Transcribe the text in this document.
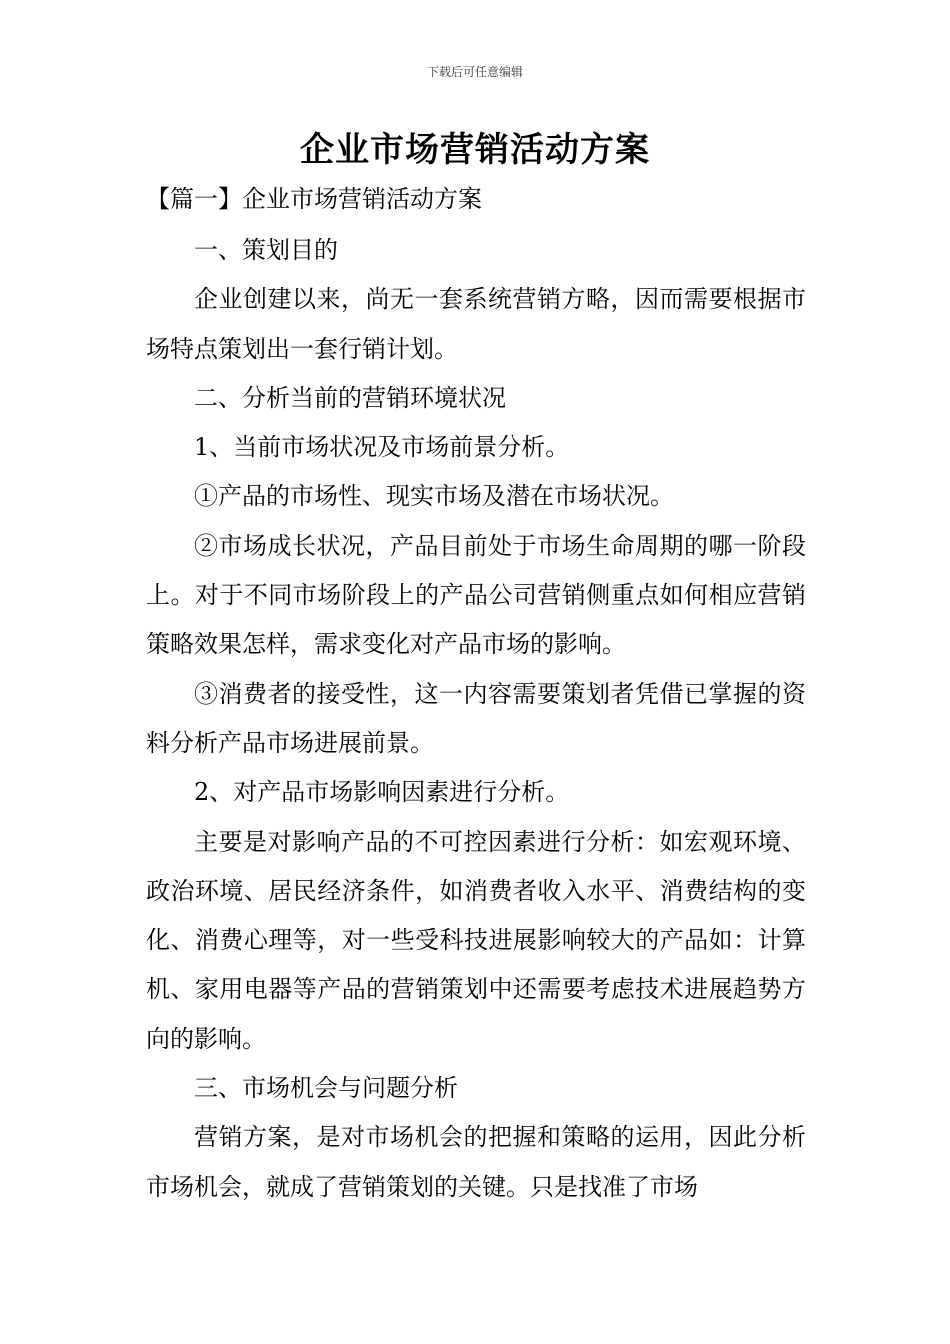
下载后可任意编辑
企业市场营销活动方案
【篇一】企业市场营销活动方案

一、策划目的

企业创建以来，尚无一套系统营销方略，因而需要根据市场特点策划出一套行销计划。

二、分析当前的营销环境状况

1、当前市场状况及市场前景分析。

①产品的市场性、现实市场及潜在市场状况。

②市场成长状况，产品目前处于市场生命周期的哪一阶段上。对于不同市场阶段上的产品公司营销侧重点如何相应营销策略效果怎样，需求变化对产品市场的影响。

③消费者的接受性，这一内容需要策划者凭借已掌握的资料分析产品市场进展前景。

2、对产品市场影响因素进行分析。

主要是对影响产品的不可控因素进行分析：如宏观环境、政治环境、居民经济条件，如消费者收入水平、消费结构的变化、消费心理等，对一些受科技进展影响较大的产品如：计算机、家用电器等产品的营销策划中还需要考虑技术进展趋势方向的影响。

三、市场机会与问题分析

营销方案，是对市场机会的把握和策略的运用，因此分析市场机会，就成了营销策划的关键。只是找准了市场
